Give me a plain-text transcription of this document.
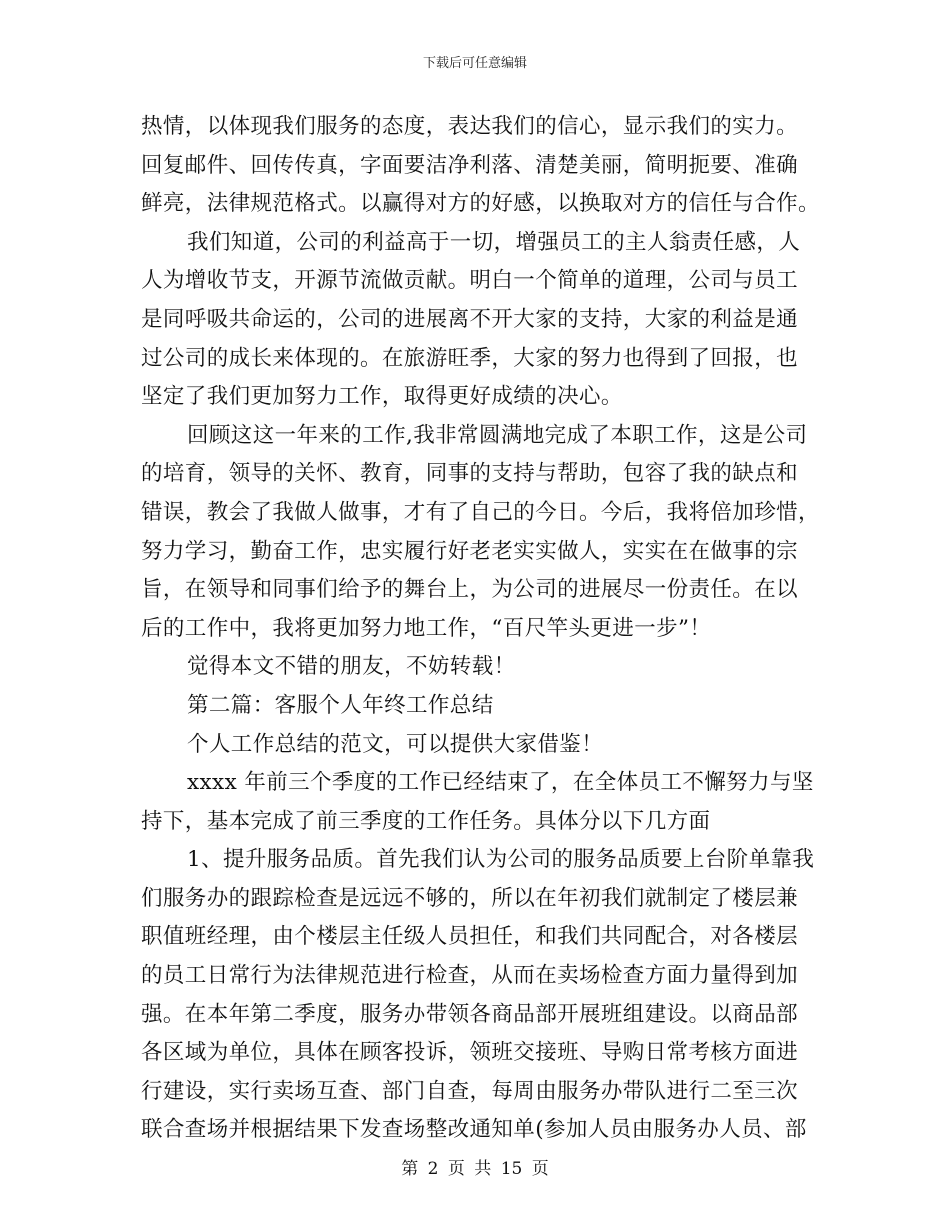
下载后可任意编辑
热情，以体现我们服务的态度，表达我们的信心，显示我们的实力。
回复邮件、回传传真，字面要洁净利落、清楚美丽，简明扼要、准确
鲜亮，法律规范格式。以赢得对方的好感，以换取对方的信任与合作。
我们知道，公司的利益高于一切，增强员工的主人翁责任感，人
人为增收节支，开源节流做贡献。明白一个简单的道理，公司与员工
是同呼吸共命运的，公司的进展离不开大家的支持，大家的利益是通
过公司的成长来体现的。在旅游旺季，大家的努力也得到了回报，也
坚定了我们更加努力工作，取得更好成绩的决心。
回顾这这一年来的工作,我非常圆满地完成了本职工作，这是公司
的培育，领导的关怀、教育，同事的支持与帮助，包容了我的缺点和
错误，教会了我做人做事，才有了自己的今日。今后，我将倍加珍惜，
努力学习，勤奋工作，忠实履行好老老实实做人，实实在在做事的宗
旨，在领导和同事们给予的舞台上，为公司的进展尽一份责任。在以
后的工作中，我将更加努力地工作，“百尺竿头更进一步”！
觉得本文不错的朋友，不妨转载！
第二篇：客服个人年终工作总结
个人工作总结的范文，可以提供大家借鉴！
xxxx 年前三个季度的工作已经结束了，在全体员工不懈努力与坚
持下，基本完成了前三季度的工作任务。具体分以下几方面
1、提升服务品质。首先我们认为公司的服务品质要上台阶单靠我
们服务办的跟踪检查是远远不够的，所以在年初我们就制定了楼层兼
职值班经理，由个楼层主任级人员担任，和我们共同配合，对各楼层
的员工日常行为法律规范进行检查，从而在卖场检查方面力量得到加
强。在本年第二季度，服务办带领各商品部开展班组建设。以商品部
各区域为单位，具体在顾客投诉，领班交接班、导购日常考核方面进
行建设，实行卖场互查、部门自查，每周由服务办带队进行二至三次
联合查场并根据结果下发查场整改通知单(参加人员由服务办人员、部
第 2 页 共 15 页
